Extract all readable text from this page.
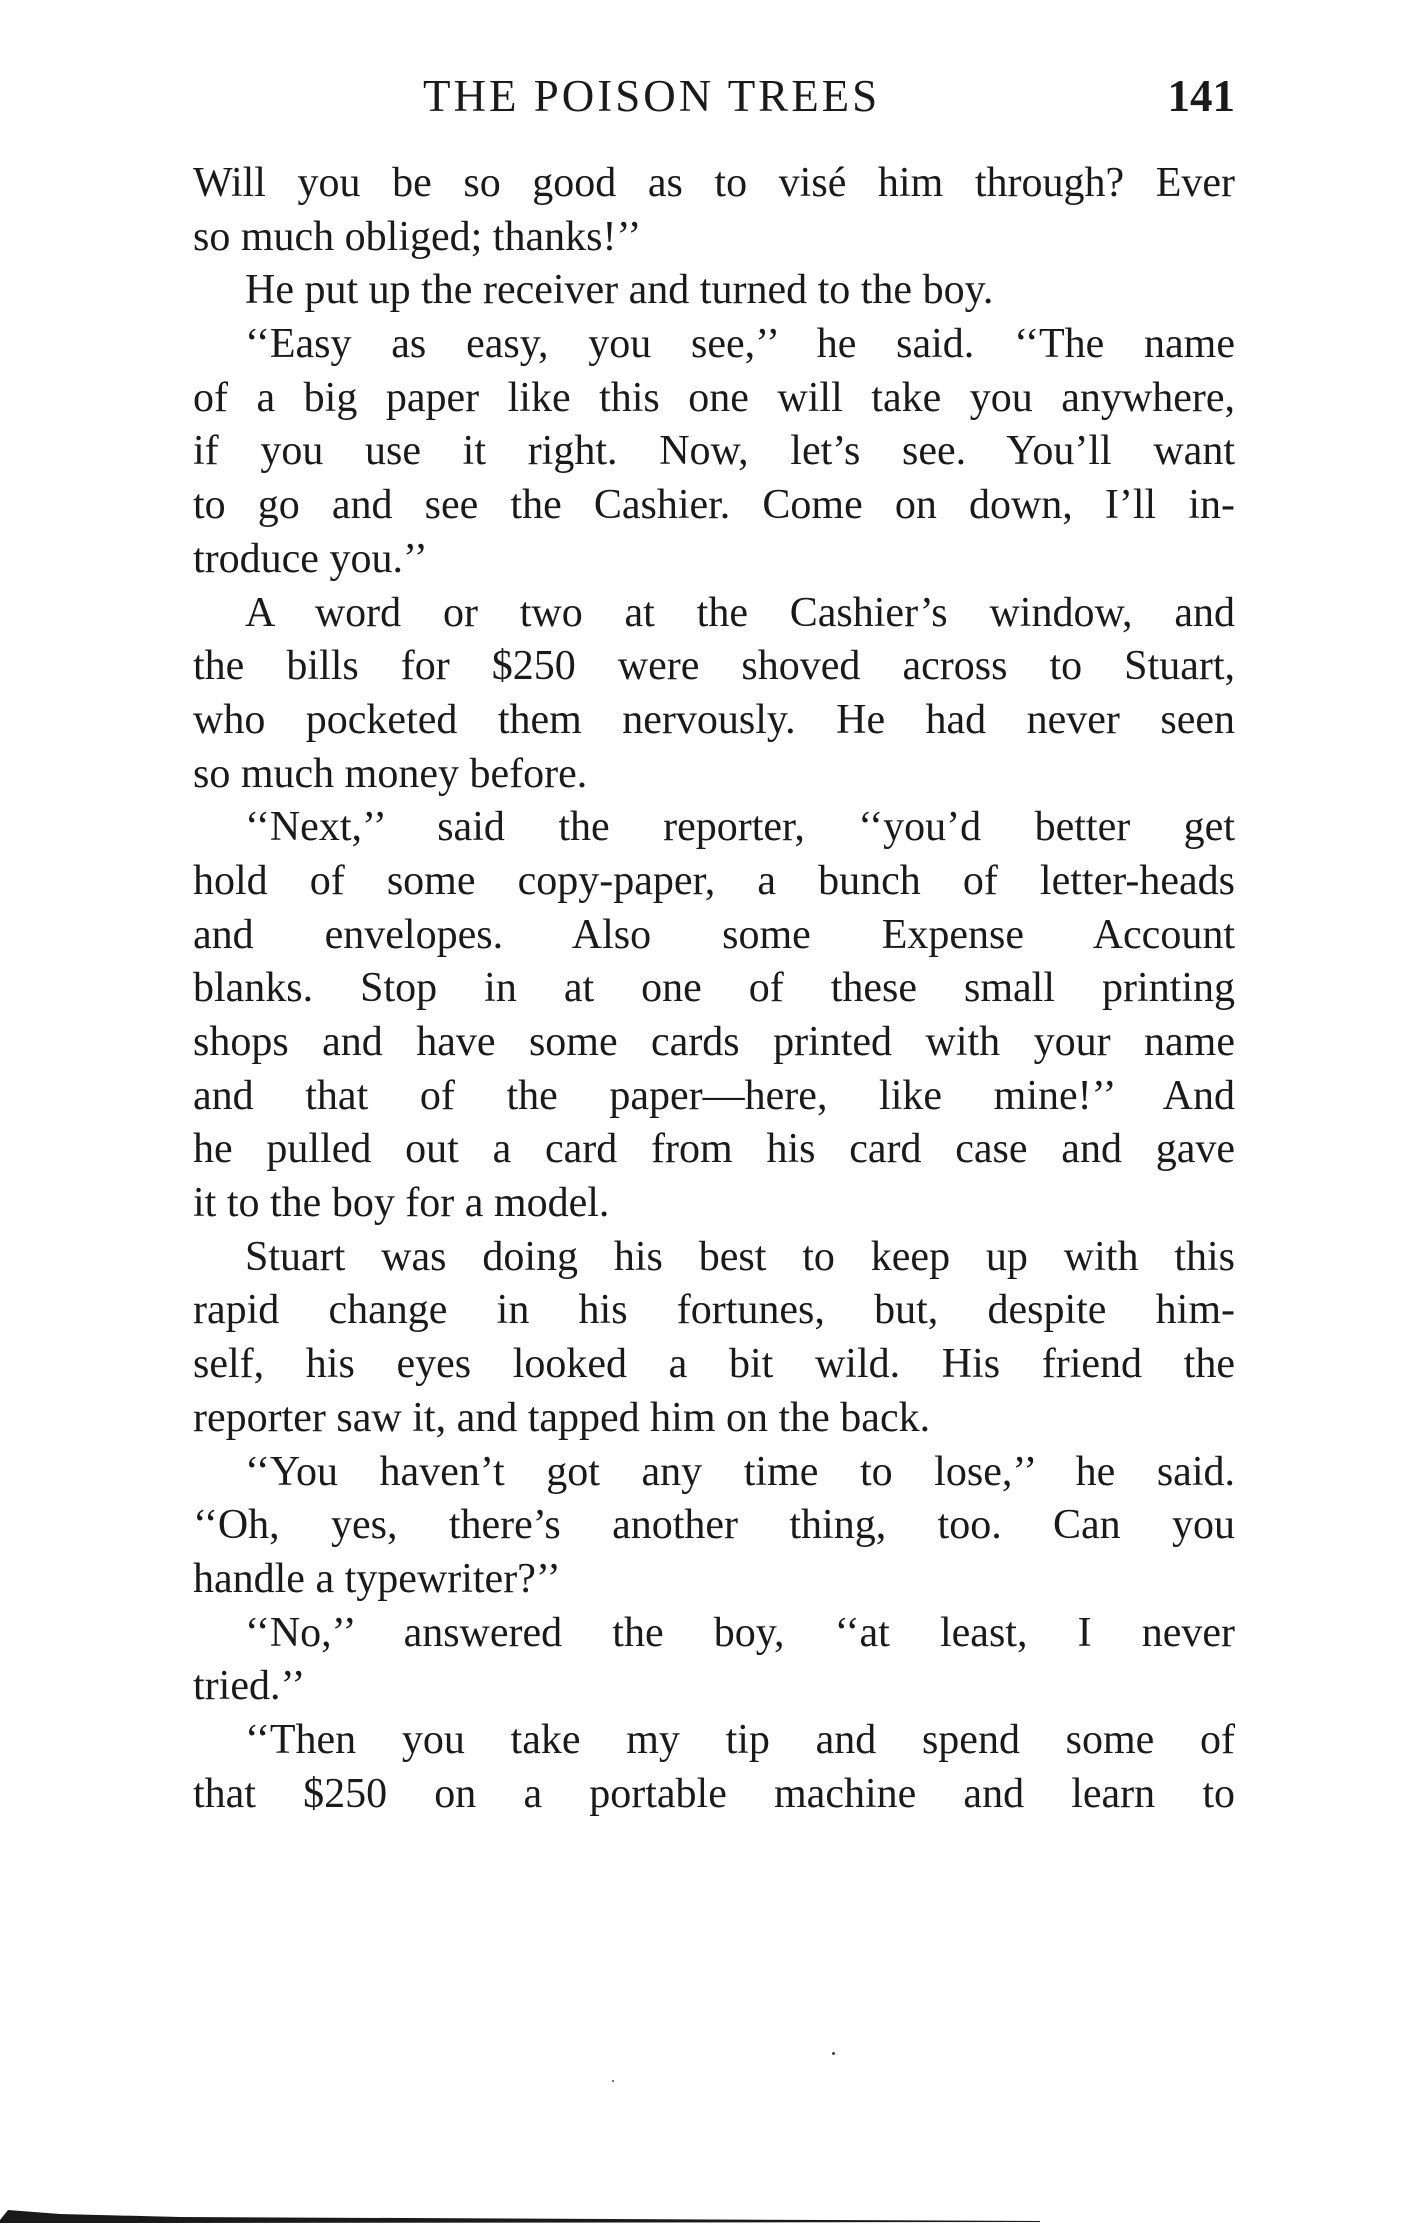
THE POISON TREES	141
Will you be so good as to visé him through? Ever
so much obliged; thanks!’’
He put up the receiver and turned to the boy.
‘‘Easy as easy, you see,’’ he said. ‘‘The name
of a big paper like this one will take you anywhere,
if you use it right. Now, let’s see. You’ll want
to go and see the Cashier. Come on down, I’ll in-
troduce you.’’
A word or two at the Cashier’s window, and
the bills for $250 were shoved across to Stuart,
who pocketed them nervously. He had never seen
so much money before.
‘‘Next,’’ said the reporter, ‘‘you’d better get
hold of some copy-paper, a bunch of letter-heads
and envelopes. Also some Expense Account
blanks. Stop in at one of these small printing
shops and have some cards printed with your name
and that of the paper—here, like mine!’’ And
he pulled out a card from his card case and gave
it to the boy for a model.
Stuart was doing his best to keep up with this
rapid change in his fortunes, but, despite him-
self, his eyes looked a bit wild. His friend the
reporter saw it, and tapped him on the back.
‘‘You haven’t got any time to lose,’’ he said.
‘‘Oh, yes, there’s another thing, too. Can you
handle a typewriter?’’
‘‘No,’’ answered the boy, ‘‘at least, I never
tried.’’
‘‘Then you take my tip and spend some of
that $250 on a portable machine and learn to
